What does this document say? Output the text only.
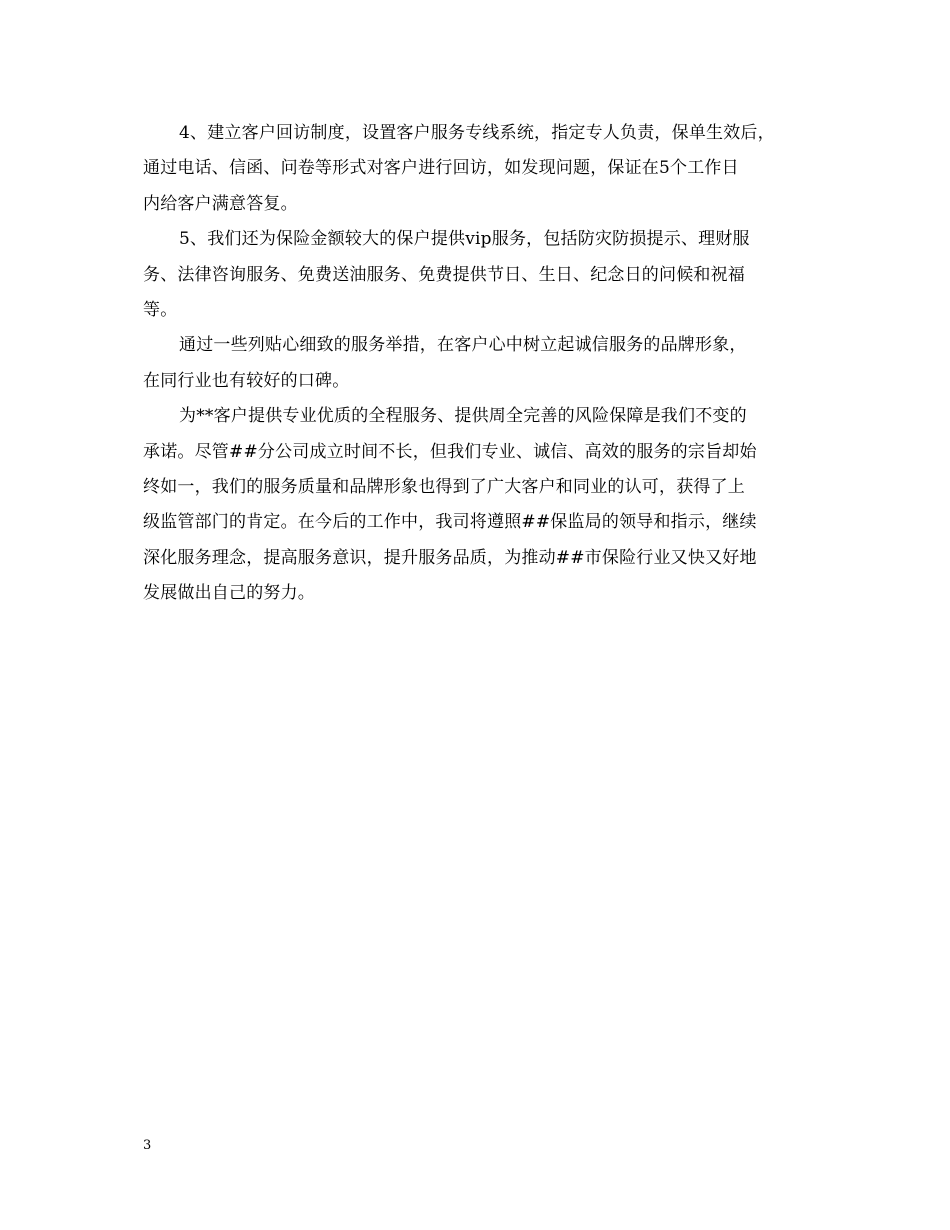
4、建立客户回访制度，设置客户服务专线系统，指定专人负责，保单生效后，
通过电话、信函、问卷等形式对客户进行回访，如发现问题，保证在5个工作日
内给客户满意答复。

5、我们还为保险金额较大的保户提供vip服务，包括防灾防损提示、理财服
务、法律咨询服务、免费送油服务、免费提供节日、生日、纪念日的问候和祝福
等。

通过一些列贴心细致的服务举措，在客户心中树立起诚信服务的品牌形象，
在同行业也有较好的口碑。

为**客户提供专业优质的全程服务、提供周全完善的风险保障是我们不变的
承诺。尽管##分公司成立时间不长，但我们专业、诚信、高效的服务的宗旨却始
终如一，我们的服务质量和品牌形象也得到了广大客户和同业的认可，获得了上
级监管部门的肯定。在今后的工作中，我司将遵照##保监局的领导和指示，继续
深化服务理念，提高服务意识，提升服务品质，为推动##市保险行业又快又好地
发展做出自己的努力。

3
